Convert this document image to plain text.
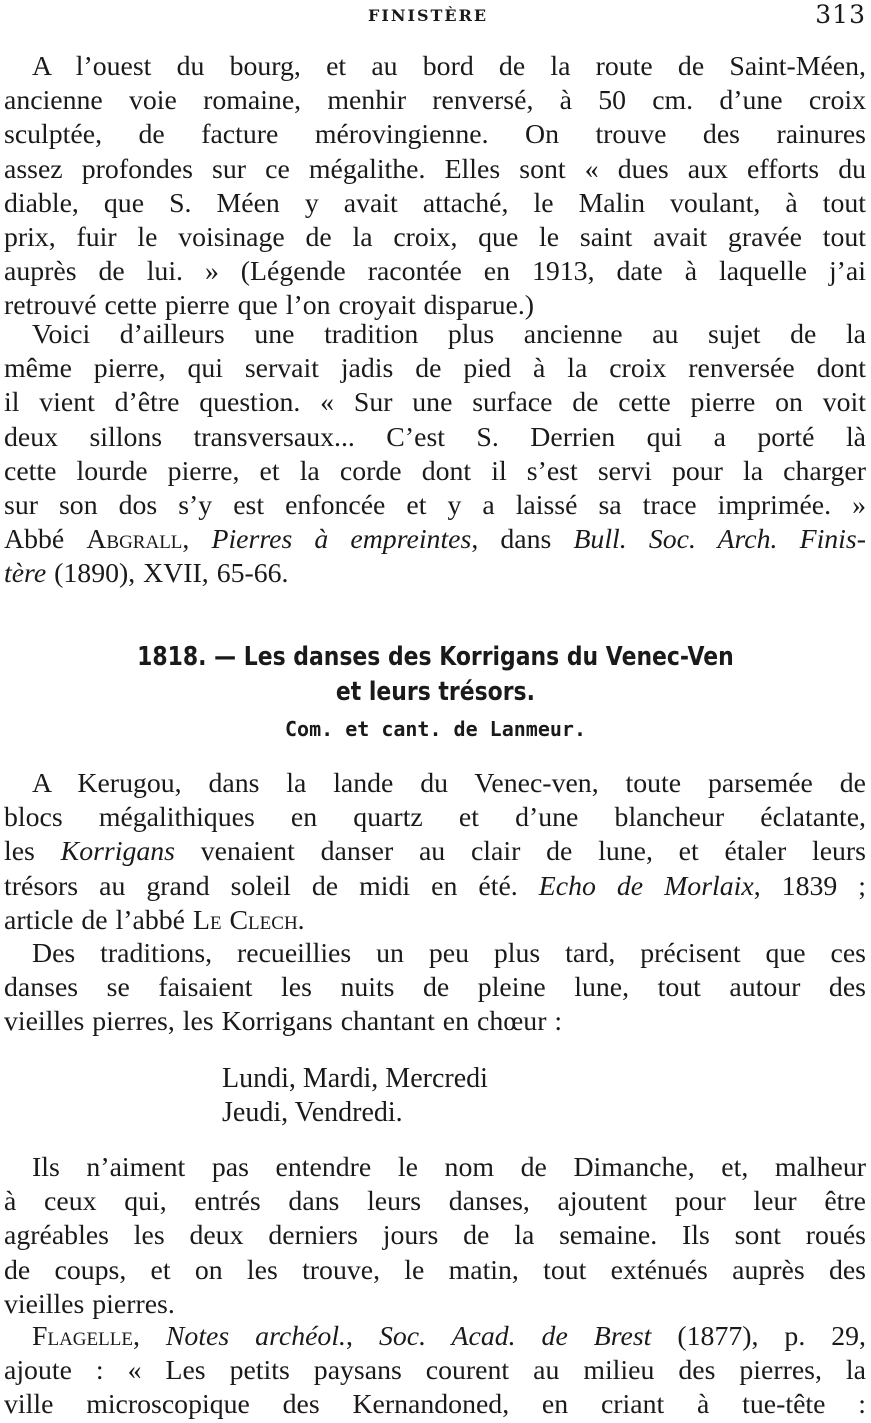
FINISTÈRE	313
A l’ouest du bourg, et au bord de la route de Saint-Méen,
ancienne voie romaine, menhir renversé, à 50 cm. d’une croix
sculptée, de facture mérovingienne. On trouve des rainures
assez profondes sur ce mégalithe. Elles sont « dues aux efforts du
diable, que S. Méen y avait attaché, le Malin voulant, à tout
prix, fuir le voisinage de la croix, que le saint avait gravée tout
auprès de lui. » (Légende racontée en 1913, date à laquelle j’ai
retrouvé cette pierre que l’on croyait disparue.)
Voici d’ailleurs une tradition plus ancienne au sujet de la
même pierre, qui servait jadis de pied à la croix renversée dont
il vient d’être question. « Sur une surface de cette pierre on voit
deux sillons transversaux... C’est S. Derrien qui a porté là
cette lourde pierre, et la corde dont il s’est servi pour la charger
sur son dos s’y est enfoncée et y a laissé sa trace imprimée. »
Abbé Abgrall, Pierres à empreintes, dans Bull. Soc. Arch. Finis-
tère (1890), XVII, 65-66.
1818. — Les danses des Korrigans du Venec-Ven
et leurs trésors.
Com. et cant. de Lanmeur.
A Kerugou, dans la lande du Venec-ven, toute parsemée de
blocs mégalithiques en quartz et d’une blancheur éclatante,
les Korrigans venaient danser au clair de lune, et étaler leurs
trésors au grand soleil de midi en été. Echo de Morlaix, 1839 ;
article de l’abbé Le Clech.
Des traditions, recueillies un peu plus tard, précisent que ces
danses se faisaient les nuits de pleine lune, tout autour des
vieilles pierres, les Korrigans chantant en chœur :
Lundi, Mardi, Mercredi
Jeudi, Vendredi.
Ils n’aiment pas entendre le nom de Dimanche, et, malheur
à ceux qui, entrés dans leurs danses, ajoutent pour leur être
agréables les deux derniers jours de la semaine. Ils sont roués
de coups, et on les trouve, le matin, tout exténués auprès des
vieilles pierres.
Flagelle, Notes archéol., Soc. Acad. de Brest (1877), p. 29,
ajoute : « Les petits paysans courent au milieu des pierres, la
ville microscopique des Kernandoned, en criant à tue-tête :
